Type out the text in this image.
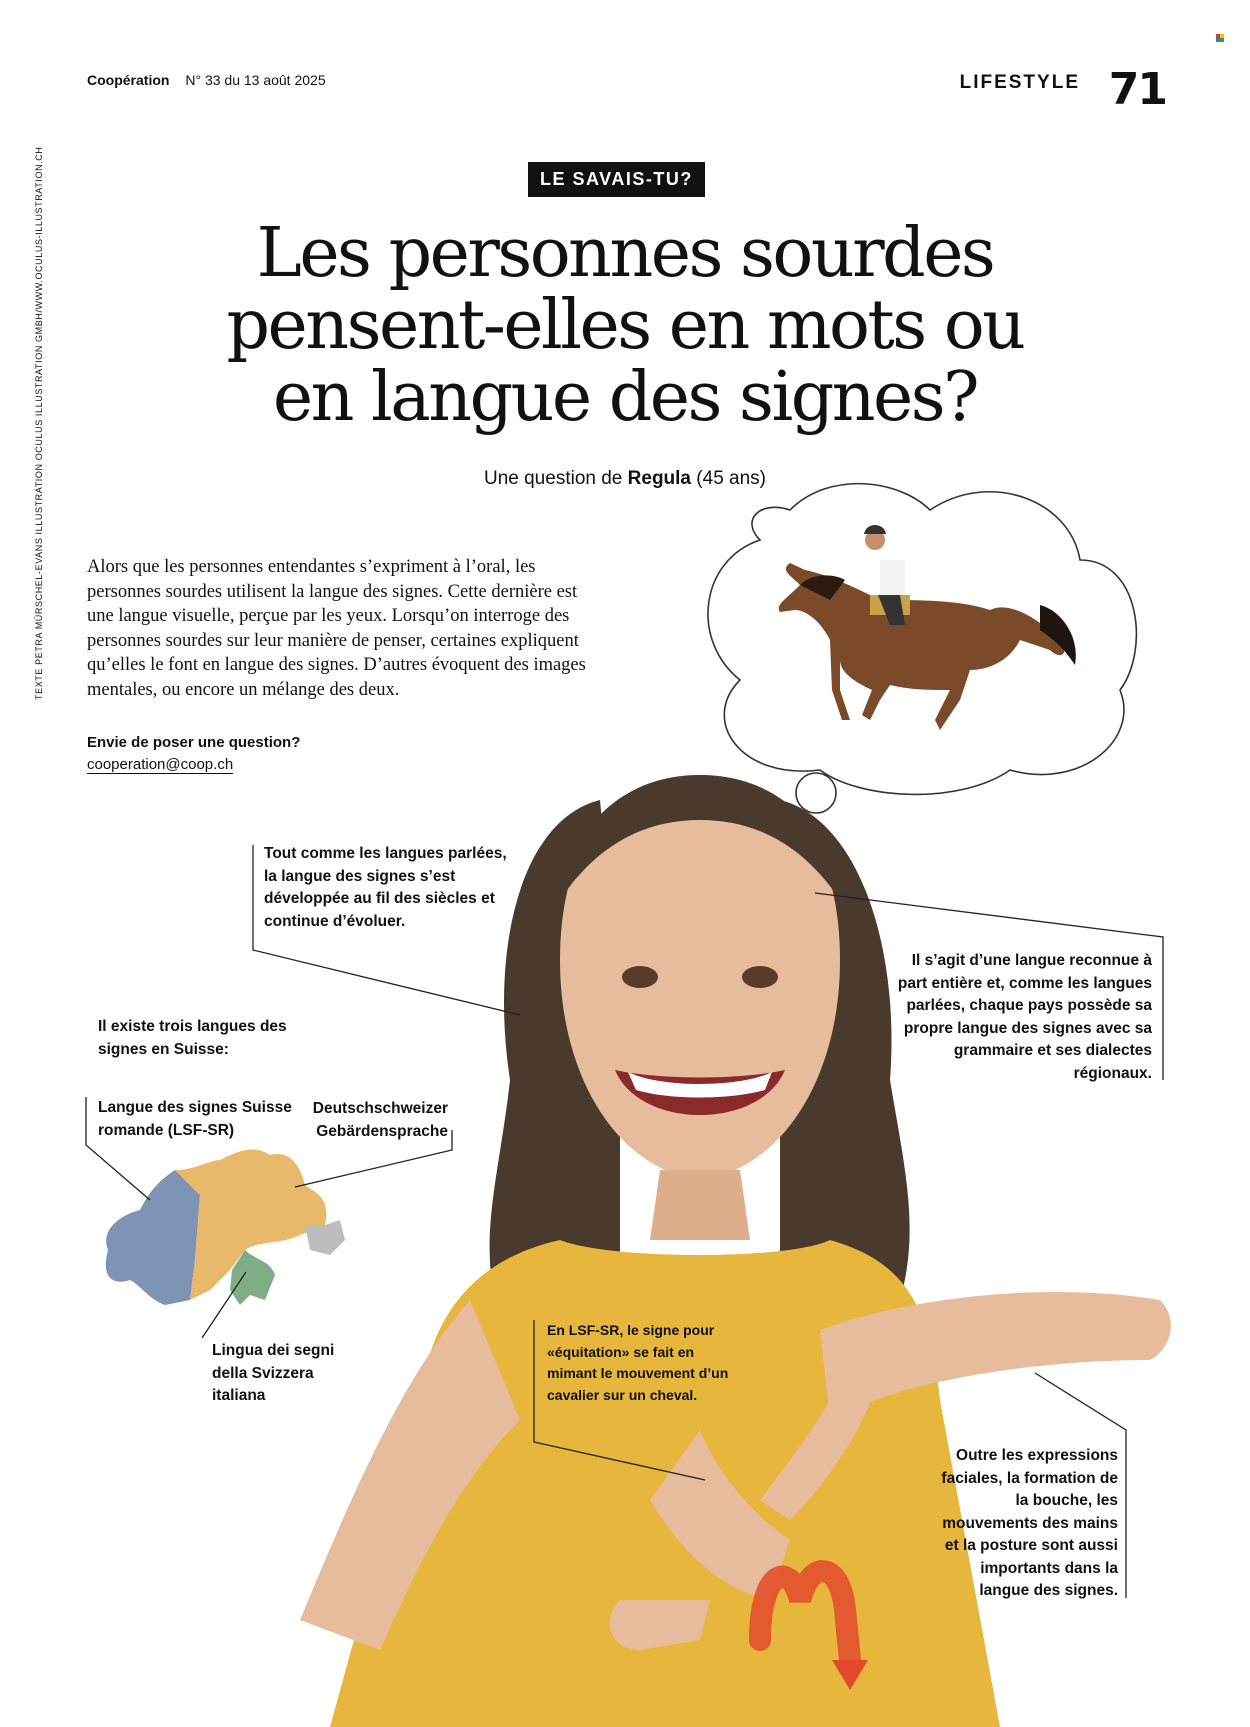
Coopération N° 33 du 13 août 2025	LIFESTYLE 71
TEXTE PETRA MÜRSCHEL-EVANS ILLUSTRATION OCULUS ILLUSTRATION GMBH/WWW.OCULUS-ILLUSTRATION.CH	LE SAVAIS-TU?
Les personnes sourdes
pensent-elles en mots ou
en langue des signes?
Une question de Regula (45 ans)
Alors que les personnes entendantes s’expriment à l’oral, les personnes sourdes utilisent la langue des signes. Cette dernière est une langue visuelle, perçue par les yeux. Lorsqu’on interroge des personnes sourdes sur leur manière de penser, certaines expliquent qu’elles le font en langue des signes. D’autres évoquent des images mentales, ou encore un mélange des deux.
Envie de poser une question?
cooperation@coop.ch
Tout comme les langues parlées, la langue des signes s’est développée au fil des siècles et continue d’évoluer.
Il s’agit d’une langue reconnue à part entière et, comme les langues parlées, chaque pays possède sa propre langue des signes avec sa grammaire et ses dialectes régionaux.
Il existe trois langues des signes en Suisse:
Langue des signes Suisse romande (LSF-SR)
Deutschschweizer Gebärdensprache
Lingua dei segni della Svizzera italiana
En LSF-SR, le signe pour «équitation» se fait en mimant le mouvement d’un cavalier sur un cheval.
Outre les expressions faciales, la formation de la bouche, les mouvements des mains et la posture sont aussi importants dans la langue des signes.
